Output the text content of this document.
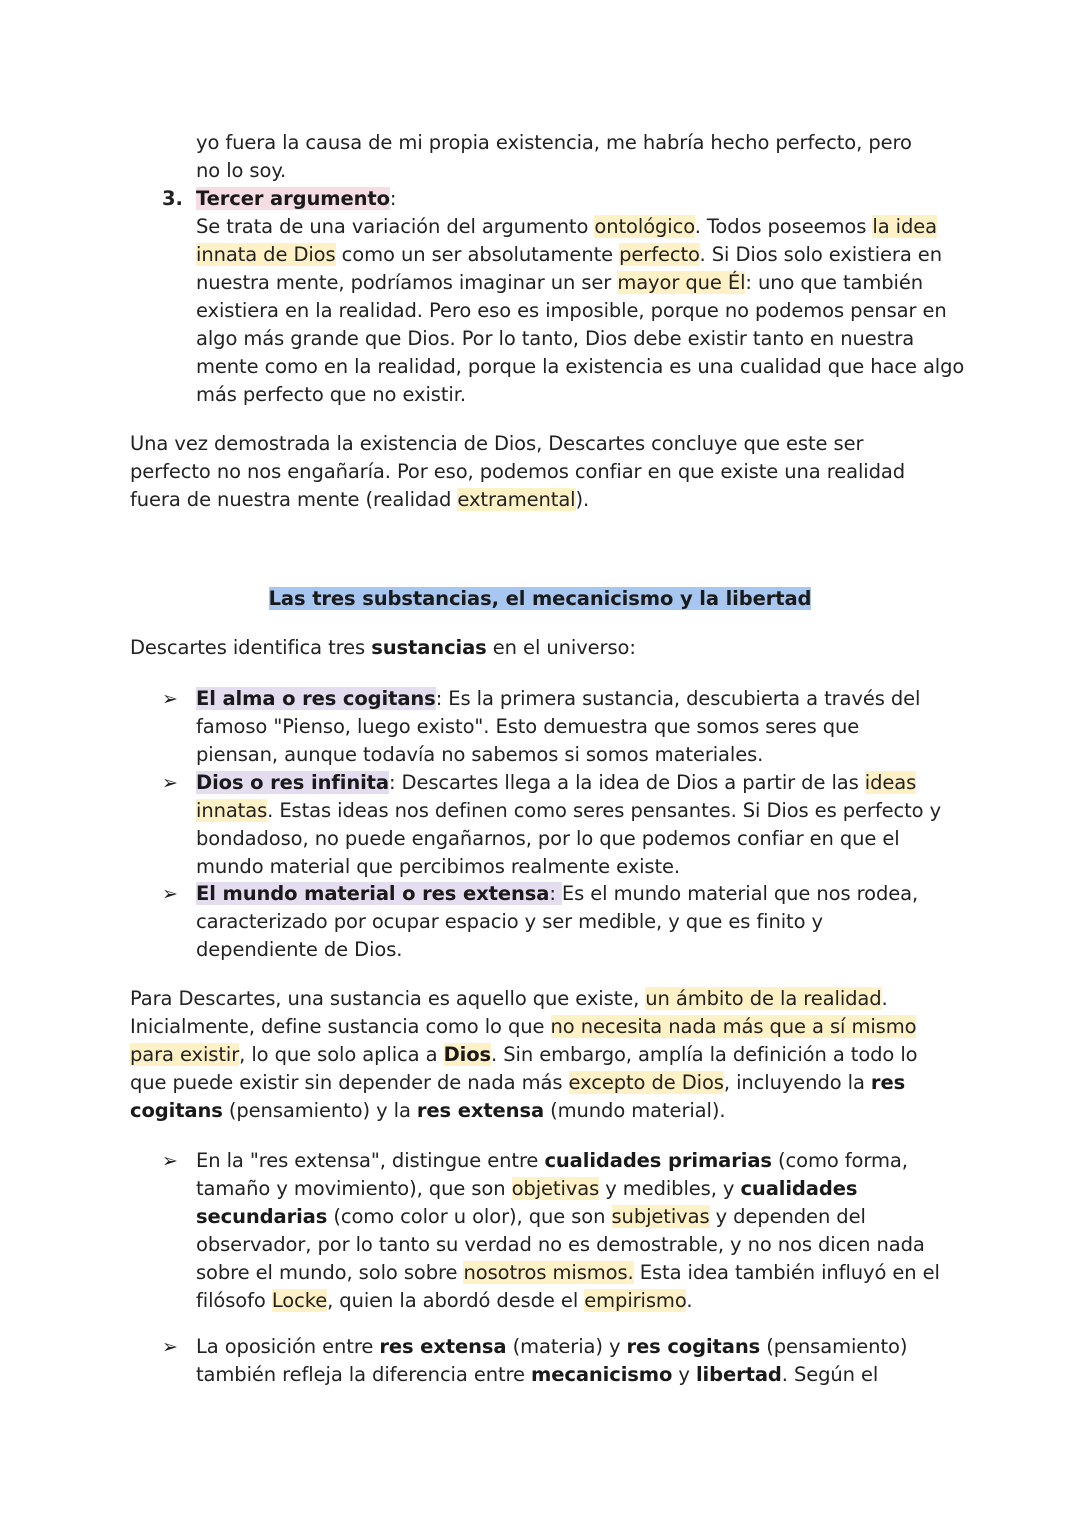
yo fuera la causa de mi propia existencia, me habría hecho perfecto, pero
no lo soy.

3. Tercer argumento:
Se trata de una variación del argumento ontológico. Todos poseemos la idea innata de Dios como un ser absolutamente perfecto. Si Dios solo existiera en nuestra mente, podríamos imaginar un ser mayor que Él: uno que también existiera en la realidad. Pero eso es imposible, porque no podemos pensar en algo más grande que Dios. Por lo tanto, Dios debe existir tanto en nuestra mente como en la realidad, porque la existencia es una cualidad que hace algo más perfecto que no existir.

Una vez demostrada la existencia de Dios, Descartes concluye que este ser perfecto no nos engañaría. Por eso, podemos confiar en que existe una realidad fuera de nuestra mente (realidad extramental).

Las tres substancias, el mecanicismo y la libertad

Descartes identifica tres sustancias en el universo:

➢ El alma o res cogitans: Es la primera sustancia, descubierta a través del famoso "Pienso, luego existo". Esto demuestra que somos seres que piensan, aunque todavía no sabemos si somos materiales.

➢ Dios o res infinita: Descartes llega a la idea de Dios a partir de las ideas innatas. Estas ideas nos definen como seres pensantes. Si Dios es perfecto y bondadoso, no puede engañarnos, por lo que podemos confiar en que el mundo material que percibimos realmente existe.

➢ El mundo material o res extensa: Es el mundo material que nos rodea, caracterizado por ocupar espacio y ser medible, y que es finito y dependiente de Dios.

Para Descartes, una sustancia es aquello que existe, un ámbito de la realidad. Inicialmente, define sustancia como lo que no necesita nada más que a sí mismo para existir, lo que solo aplica a Dios. Sin embargo, amplía la definición a todo lo que puede existir sin depender de nada más excepto de Dios, incluyendo la res cogitans (pensamiento) y la res extensa (mundo material).

➢ En la "res extensa", distingue entre cualidades primarias (como forma, tamaño y movimiento), que son objetivas y medibles, y cualidades secundarias (como color u olor), que son subjetivas y dependen del observador, por lo tanto su verdad no es demostrable, y no nos dicen nada sobre el mundo, solo sobre nosotros mismos. Esta idea también influyó en el filósofo Locke, quien la abordó desde el empirismo.

➢ La oposición entre res extensa (materia) y res cogitans (pensamiento) también refleja la diferencia entre mecanicismo y libertad. Según el
